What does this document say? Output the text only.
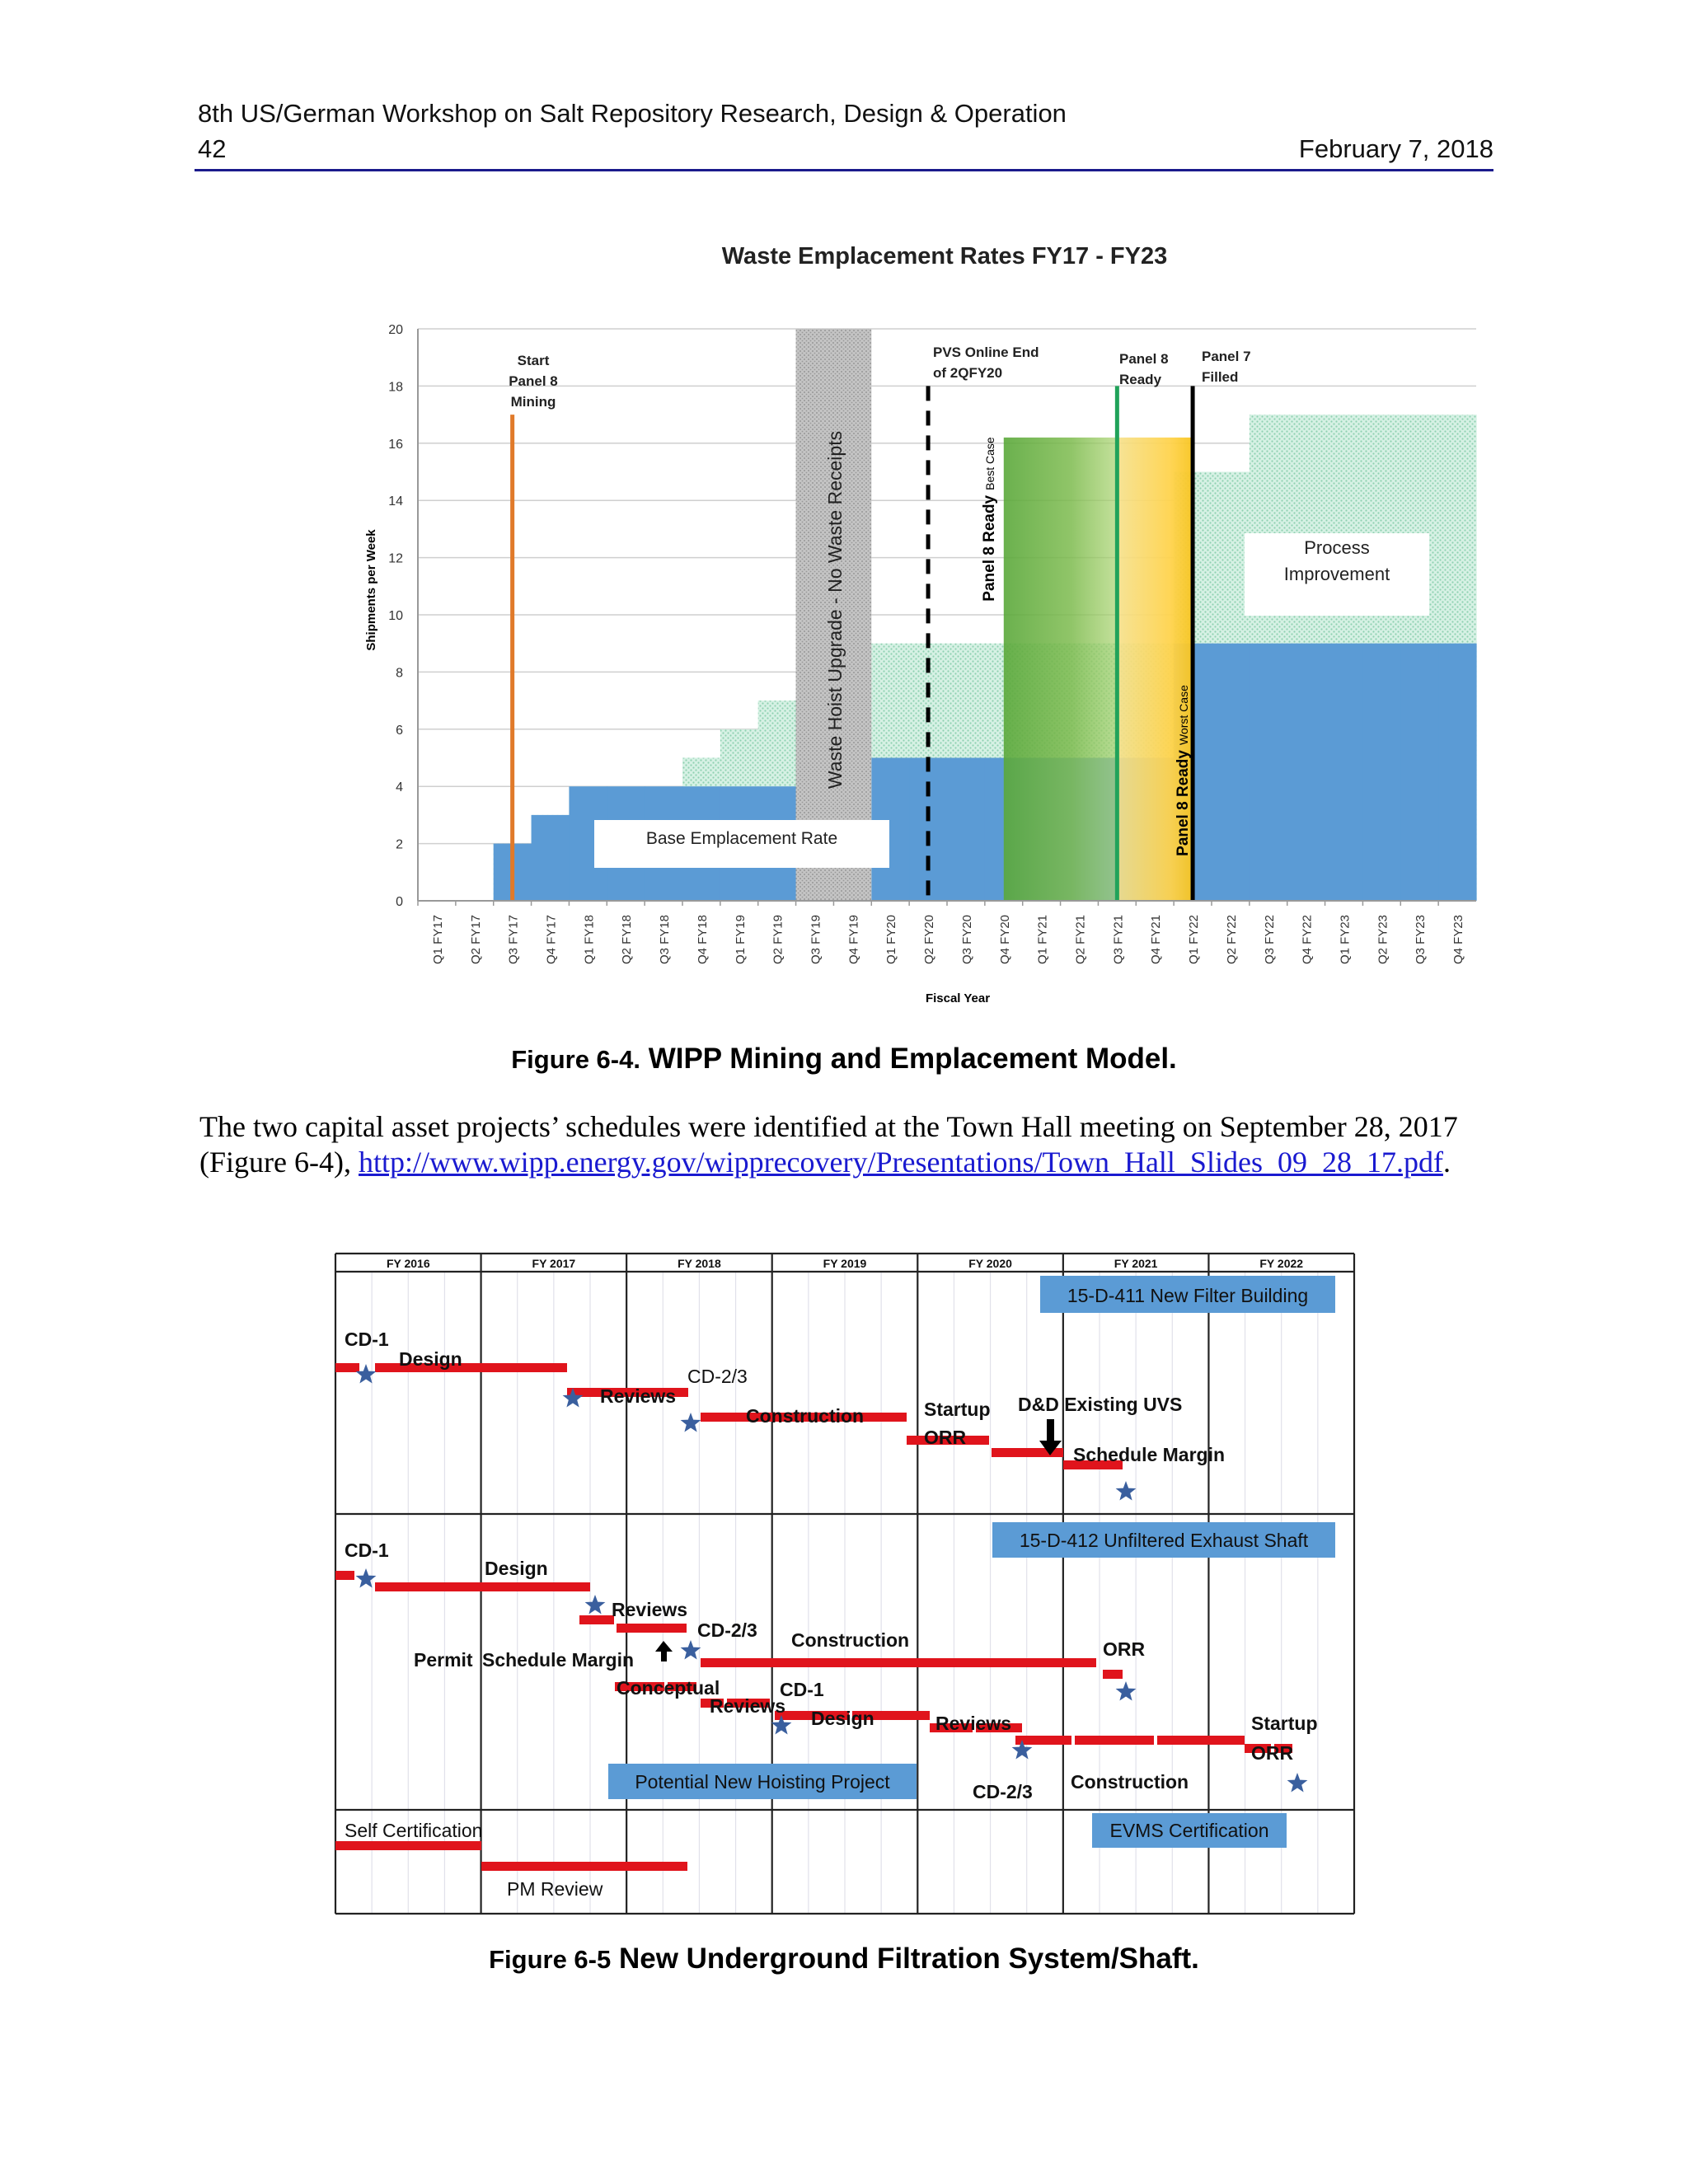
8th US/German Workshop on Salt Repository Research, Design & Operation
42	February 7, 2018
Waste Emplacement Rates FY17 - FY23
0
2
4
6
8
10
12
14
16
18
20
Q1 FY17 Q2 FY17 Q3 FY17 Q4 FY17 Q1 FY18 Q2 FY18 Q3 FY18 Q4 FY18 Q1 FY19 Q2 FY19 Q3 FY19 Q4 FY19 Q1 FY20 Q2 FY20 Q3 FY20 Q4 FY20 Q1 FY21 Q2 FY21 Q3 FY21 Q4 FY21 Q1 FY22 Q2 FY22 Q3 FY22 Q4 FY22 Q1 FY23 Q2 FY23 Q3 FY23 Q4 FY23
Shipments per Week
Fiscal Year
Start
Panel 8
Mining
PVS Online End
of 2QFY20
Panel 8
Ready
Panel 7
Filled
Waste Hoist Upgrade - No Waste Receipts	Panel 8 ReadyBest Case
Panel 8 ReadyWorst Case
Base Emplacement Rate
Process
Improvement
Figure 6-4. WIPP Mining and Emplacement Model.
The two capital asset projects’ schedules were identified at the Town Hall meeting on September 28, 2017 (Figure 6-4), http://www.wipp.energy.gov/wipprecovery/Presentations/Town_Hall_Slides_09_28_17.pdf.
FY 2016	FY 2017	FY 2018	FY 2019	FY 2020	FY 2021	FY 2022
15-D-411 New Filter Building
CD-1
Design
Reviews
CD-2/3
Construction	Startup
ORR
D&D Existing UVS
Schedule Margin
15-D-412 Unfiltered Exhaust Shaft
CD-1
Design
Reviews
CD-2/3
Permit Schedule Margin
Construction	ORR
Conceptual
Reviews
CD-1
Design	Reviews	Startup
ORR
CD-2/3 Construction
Potential New Hoisting Project
Self Certification
PM Review
EVMS Certification
Figure 6-5 New Underground Filtration System/Shaft.
